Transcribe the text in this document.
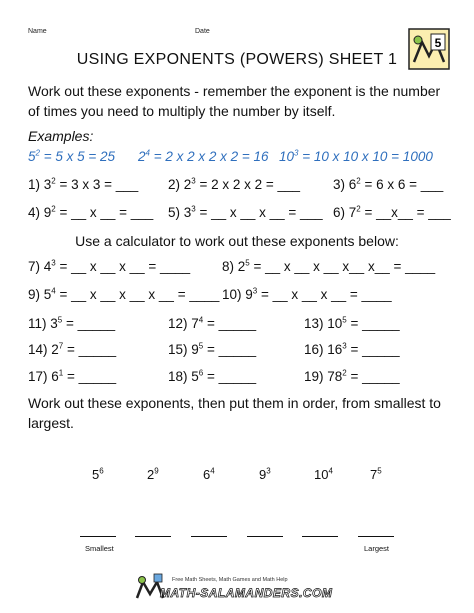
Name	Date
5
USING EXPONENTS (POWERS) SHEET 1
Work out these exponents - remember the exponent is the number of times you need to multiply the number by itself.
Examples:
$5^2 = 5$ x 5 = 25 $2^4 = 2$ x 2 x 2 x 2 = 16 $10^3 = 10$ x 10 x 10 = 1000
1) $3^2 = 3$ x 3 = ___ 2) $2^3 = 2$ x 2 x 2 = ___ 3) $6^2 = 6$ x 6 = ___
4) $9^2$ = __ x __ = ___ 5) $3^3$ = __ x __ x __ = ___ 6) $7^2$ = __x__ = ___
Use a calculator to work out these exponents below:
7) $4^3$ = __ x __ x __ = ____ 8) $2^5$ = __ x __ x __ x__ x__ = ____
9) $5^4$ = __ x __ x __ x __ = ____ 10) $9^3$ = __ x __ x __ = ____
11) $3^5$ = _____	12) $7^4$ = _____	13) $10^5$ = _____
14) $2^7$ = _____	15) $9^5$ = _____	16) $16^3$ = _____
17) $6^1$ = _____	18) $5^6$ = _____	19) $78^2$ = _____
Work out these exponents, then put them in order, from smallest to largest.
$5^6$	$2^9$	$6^4$	$9^3$	$10^4$	$7^5$
Smallest	Largest
Free Math Sheets, Math Games and Math Help
MATH-SALAMANDERS.COM
